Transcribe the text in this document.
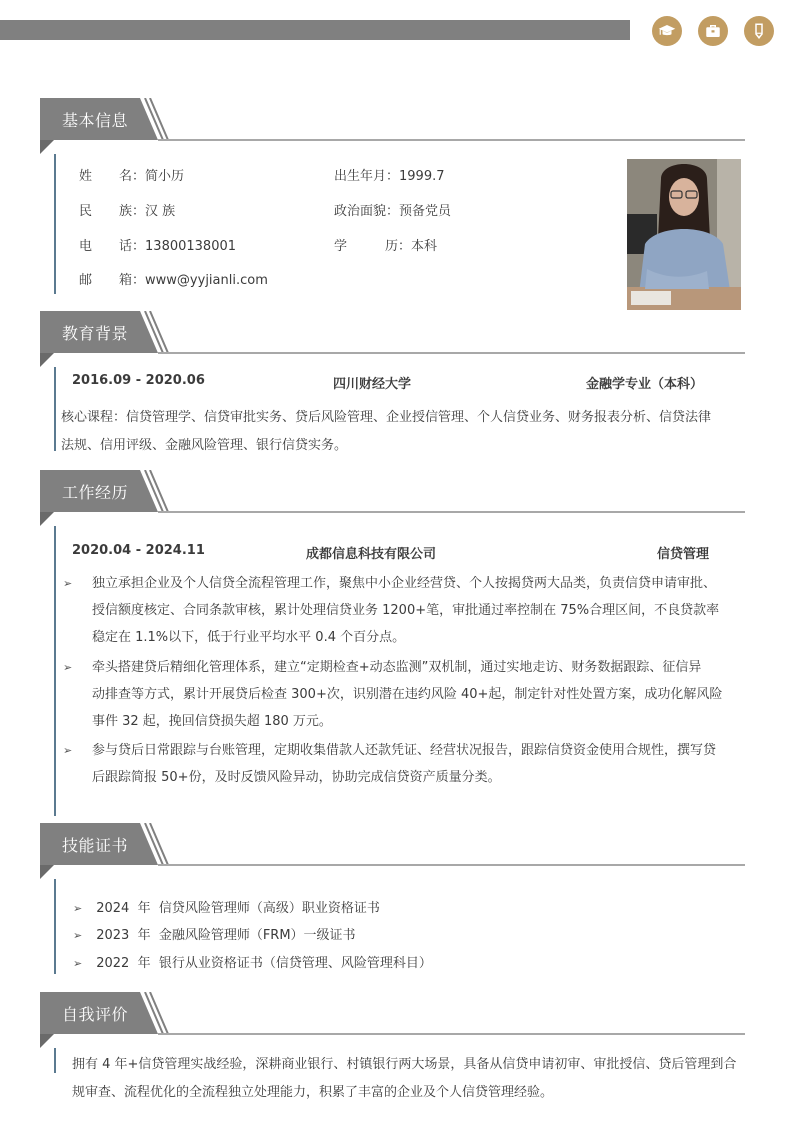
基本信息
姓 名：简小历
民 族：汉 族
电 话：13800138001
邮 箱：www@yyjianli.com
出生年月：1999.7
政治面貌：预备党员
学	历：本科
教育背景
2016.09 - 2020.06	四川财经大学	金融学专业（本科）
核心课程：信贷管理学、信贷审批实务、贷后风险管理、企业授信管理、个人信贷业务、财务报表分析、信贷法律
法规、信用评级、金融风险管理、银行信贷实务。
工作经历
2020.04 - 2024.11	成都信息科技有限公司	信贷管理
➢ 独立承担企业及个人信贷全流程管理工作，聚焦中小企业经营贷、个人按揭贷两大品类，负责信贷申请审批、
授信额度核定、合同条款审核，累计处理信贷业务 1200+笔，审批通过率控制在 75%合理区间，不良贷款率
稳定在 1.1%以下，低于行业平均水平 0.4 个百分点。
➢ 牵头搭建贷后精细化管理体系，建立“定期检查+动态监测”双机制，通过实地走访、财务数据跟踪、征信异
动排查等方式，累计开展贷后检查 300+次，识别潜在违约风险 40+起，制定针对性处置方案，成功化解风险
事件 32 起，挽回信贷损失超 180 万元。
➢ 参与贷后日常跟踪与台账管理，定期收集借款人还款凭证、经营状况报告，跟踪信贷资金使用合规性，撰写贷
后跟踪简报 50+份，及时反馈风险异动，协助完成信贷资产质量分类。
技能证书
➢ 2024  年  信贷风险管理师（高级）职业资格证书
➢ 2023  年  金融风险管理师（FRM）一级证书
➢ 2022  年  银行从业资格证书（信贷管理、风险管理科目）
自我评价
拥有 4 年+信贷管理实战经验，深耕商业银行、村镇银行两大场景，具备从信贷申请初审、审批授信、贷后管理到合
规审查、流程优化的全流程独立处理能力，积累了丰富的企业及个人信贷管理经验。
